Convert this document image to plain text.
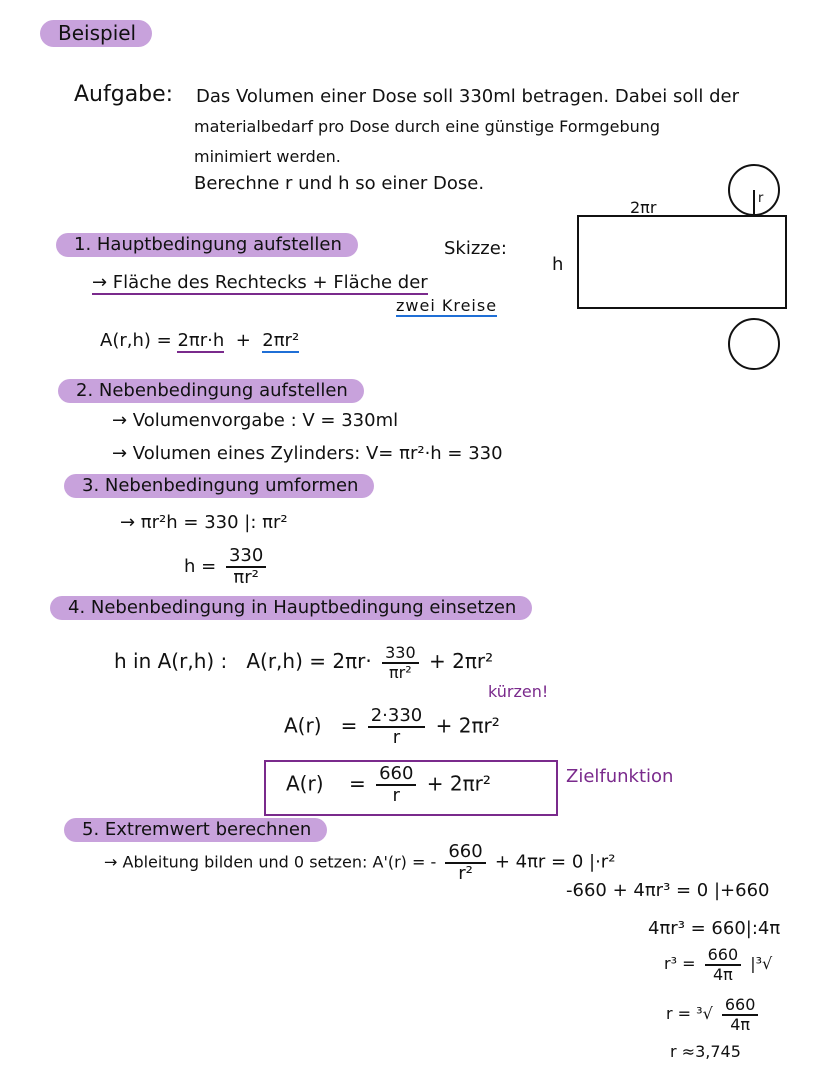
Beispiel
Aufgabe: Das Volumen einer Dose soll 330ml betragen. Dabei soll der
materialbedarf pro Dose durch eine günstige Formgebung
minimiert werden.
Berechne r und h so einer Dose.
Skizze:
2πr
h
r
1. Hauptbedingung aufstellen
→ Fläche des Rechtecks + Fläche der
zwei Kreise
A(r,h) = 2πr·h + 2πr²
2. Nebenbedingung aufstellen
→ Volumenvorgabe : V = 330ml
→ Volumen eines Zylinders: V= πr²·h = 330
3. Nebenbedingung umformen
→ πr²h = 330 |: πr²
$h = \frac{330}{\text{πr²}}$
4. Nebenbedingung in Hauptbedingung einsetzen
h in A(r,h) : $A(r,h) = 2\pi r\cdot \frac{330}{\text{πr²}} + 2\pi r^2$
kürzen!
$A(r) = \frac{2\cdot 330}{r} + 2\pi r^2$
$A(r) = \frac{660}{r} + 2\pi r^2$	Zielfunktion
5. Extremwert berechnen
→ Ableitung bilden und 0 setzen: A'(r) = - $\frac{660}{\text{r²}} + 4\pi r = 0$ |·r²
-660 + 4πr³ = 0 |+660
4πr³ = 660|:4π
$r^3 = \frac{660}{4\pi} |^3√$
$r = ^3√ \frac{660}{4\pi}$
r ≈3,745
